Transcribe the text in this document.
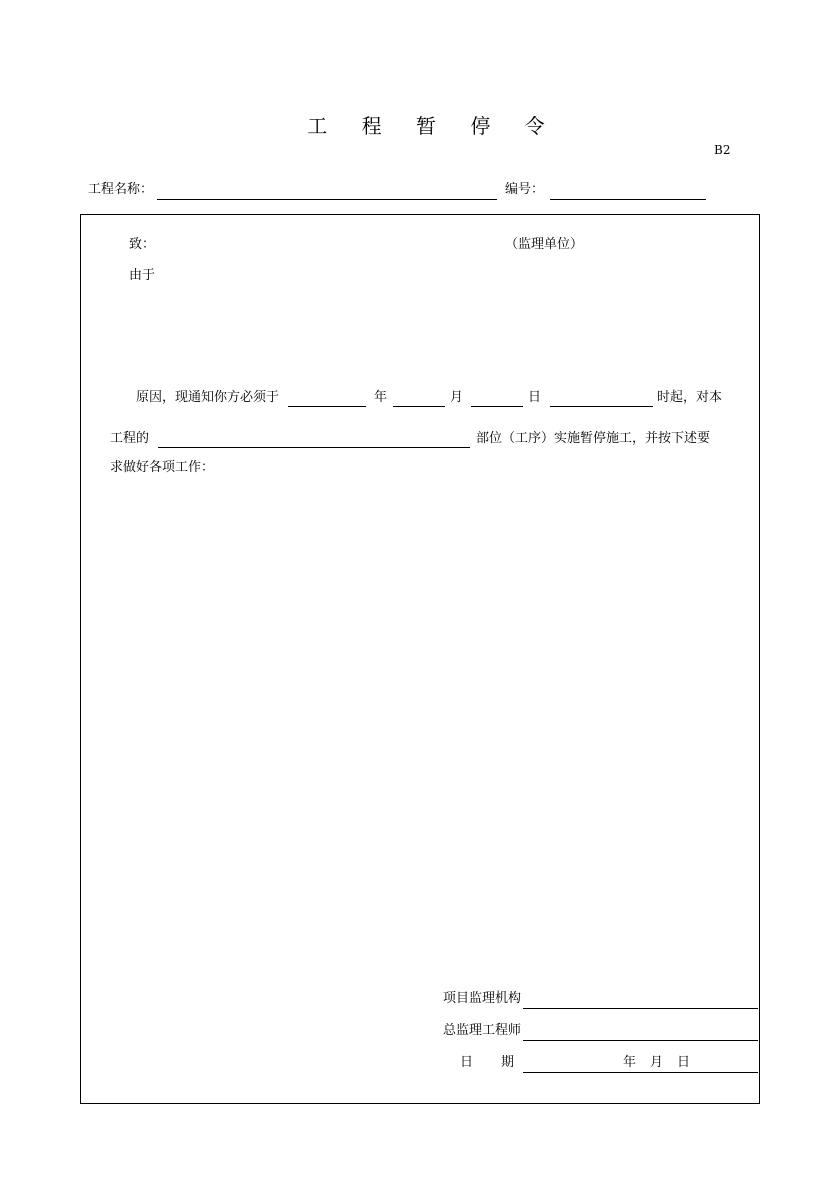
工 程 暂 停 令
B2
工程名称：	编号：
致：	（监理单位）
由于
原因，现通知你方必须于	年	月	日	时起，对本
工程的	部位（工序）实施暂停施工，并按下述要
求做好各项工作：
项目监理机构
总监理工程师
日 期	年 月 日
